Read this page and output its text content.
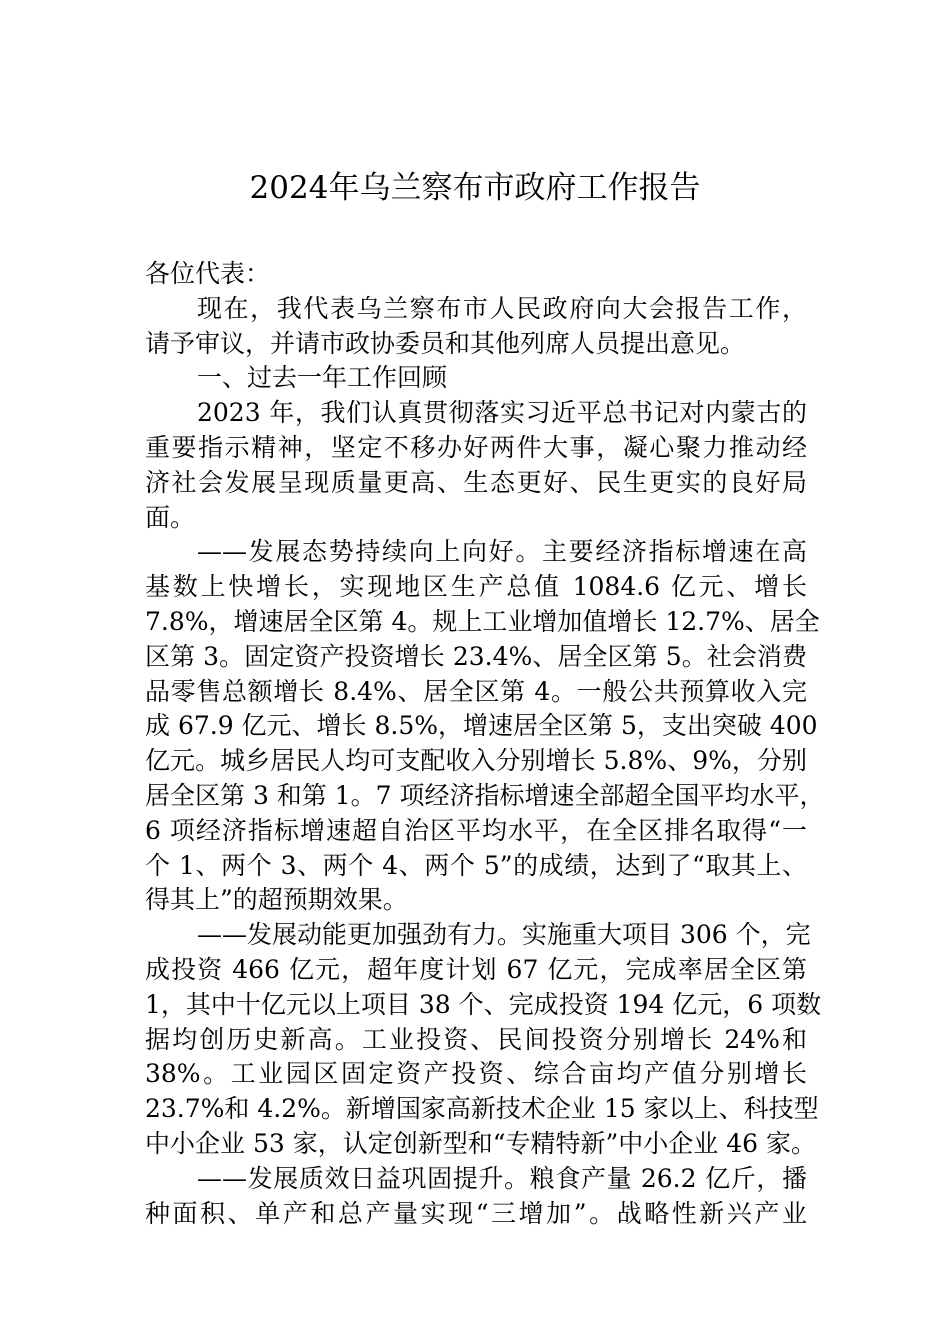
2024年乌兰察布市政府工作报告
各位代表：
现在，我代表乌兰察布市人民政府向大会报告工作，
请予审议，并请市政协委员和其他列席人员提出意见。
一、过去一年工作回顾
2023 年，我们认真贯彻落实习近平总书记对内蒙古的
重要指示精神，坚定不移办好两件大事，凝心聚力推动经
济社会发展呈现质量更高、生态更好、民生更实的良好局
面。
——发展态势持续向上向好。主要经济指标增速在高
基数上快增长，实现地区生产总值 1084.6 亿元、增长
7.8%，增速居全区第 4。规上工业增加值增长 12.7%、居全
区第 3。固定资产投资增长 23.4%、居全区第 5。社会消费
品零售总额增长 8.4%、居全区第 4。一般公共预算收入完
成 67.9 亿元、增长 8.5%，增速居全区第 5，支出突破 400
亿元。城乡居民人均可支配收入分别增长 5.8%、9%，分别
居全区第 3 和第 1。7 项经济指标增速全部超全国平均水平，
6 项经济指标增速超自治区平均水平，在全区排名取得“一
个 1、两个 3、两个 4、两个 5”的成绩，达到了“取其上、
得其上”的超预期效果。
——发展动能更加强劲有力。实施重大项目 306 个，完
成投资 466 亿元，超年度计划 67 亿元，完成率居全区第
1，其中十亿元以上项目 38 个、完成投资 194 亿元，6 项数
据均创历史新高。工业投资、民间投资分别增长 24%和
38%。工业园区固定资产投资、综合亩均产值分别增长
23.7%和 4.2%。新增国家高新技术企业 15 家以上、科技型
中小企业 53 家，认定创新型和“专精特新”中小企业 46 家。
——发展质效日益巩固提升。粮食产量 26.2 亿斤，播
种面积、单产和总产量实现“三增加”。战略性新兴产业
